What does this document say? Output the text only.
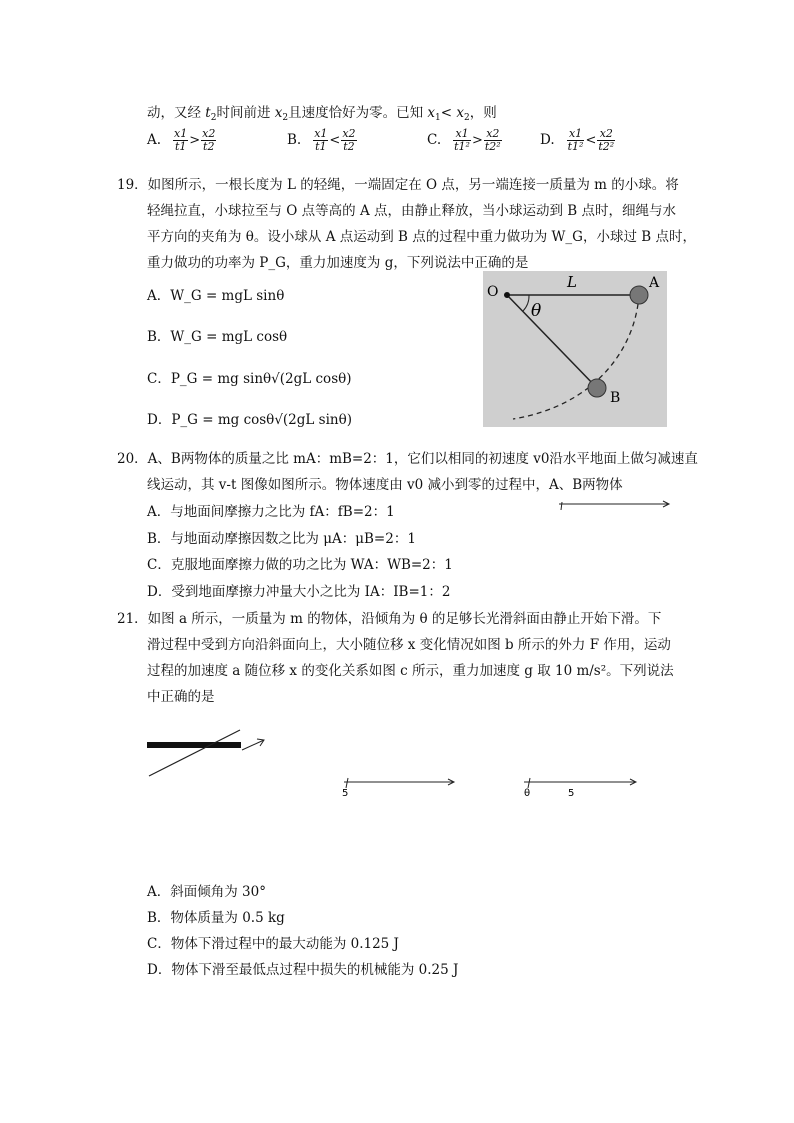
动，又经 $t_2$时间前进 $x_2$且速度恰好为零。已知 $x_1< x_2$，则
A. $\frac{x1}{t1} > \frac{x2}{t2}$	B. $\frac{x1}{t1} < \frac{x2}{t2}$	C. $\frac{x1}{\text{t1²}} > \frac{x2}{\text{t2²}}$	D. $\frac{x1}{\text{t1²}} < \frac{x2}{\text{t2²}}$
19．如图所示，一根长度为 L 的轻绳，一端固定在 O 点，另一端连接一质量为 m 的小球。将
轻绳拉直，小球拉至与 O 点等高的 A 点，由静止释放，当小球运动到 B 点时，细绳与水
平方向的夹角为 θ。设小球从 A 点运动到 B 点的过程中重力做功为 W_G，小球过 B 点时，
重力做功的功率为 P_G，重力加速度为 g，下列说法中正确的是
A．W_G = mgL sinθ
B．W_G = mgL cosθ
C．P_G = mg sinθ√(2gL cosθ)
D．P_G = mg cosθ√(2gL sinθ)
O
L	A
B
θ
20．A、B两物体的质量之比 mA：mB=2：1，它们以相同的初速度 v0沿水平地面上做匀减速直
线运动，其 v-t 图像如图所示。物体速度由 v0 减小到零的过程中，A、B两物体
A．与地面间摩擦力之比为 fA：fB=2：1
B．与地面动摩擦因数之比为 μA：μB=2：1
C．克服地面摩擦力做的功之比为 WA：WB=2：1
D．受到地面摩擦力冲量大小之比为 IA：IB=1：2
21．如图 a 所示，一质量为 m 的物体，沿倾角为 θ 的足够长光滑斜面由静止开始下滑。下
滑过程中受到方向沿斜面向上，大小随位移 x 变化情况如图 b 所示的外力 F 作用，运动
过程的加速度 a 随位移 x 的变化关系如图 c 所示，重力加速度 g 取 10 m/s²。下列说法
中正确的是
5	θ	5
A．斜面倾角为 30°
B．物体质量为 0.5 kg
C．物体下滑过程中的最大动能为 0.125 J
D．物体下滑至最低点过程中损失的机械能为 0.25 J
